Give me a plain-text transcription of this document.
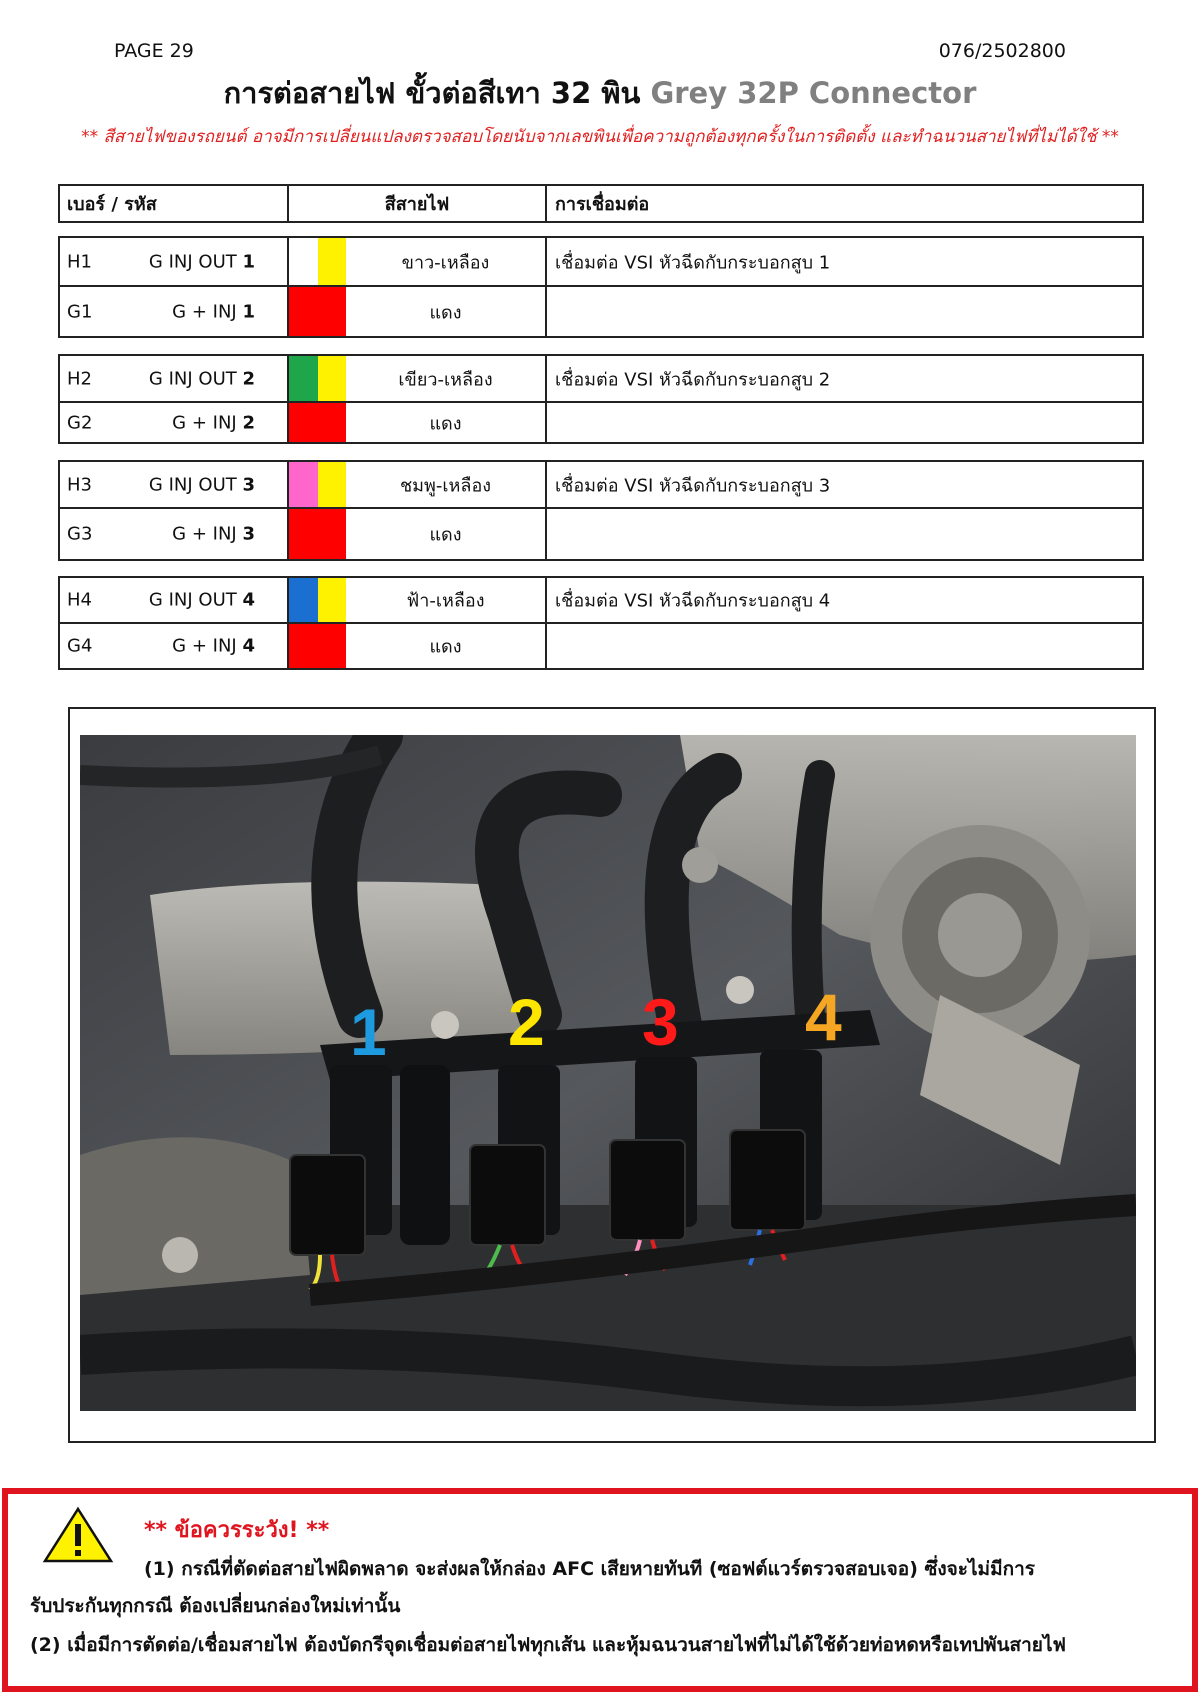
PAGE 29	076/2502800
การต่อสายไฟ ขั้วต่อสีเทา 32 พิน Grey 32P Connector
** สีสายไฟของรถยนต์ อาจมีการเปลี่ยนแปลงตรวจสอบโดยนับจากเลขพินเพื่อความถูกต้องทุกครั้งในการติดตั้ง และทำฉนวนสายไฟที่ไม่ได้ใช้ **
เบอร์ / รหัส	สีสายไฟ	การเชื่อมต่อ
H1	G INJ OUT 1	ขาว-เหลือง	เชื่อมต่อ VSI หัวฉีดกับกระบอกสูบ 1
G1	G + INJ 1	แดง
H2	G INJ OUT 2	เขียว-เหลือง	เชื่อมต่อ VSI หัวฉีดกับกระบอกสูบ 2
G2	G + INJ 2	แดง
H3	G INJ OUT 3	ชมพู-เหลือง	เชื่อมต่อ VSI หัวฉีดกับกระบอกสูบ 3
G3	G + INJ 3	แดง
H4	G INJ OUT 4	ฟ้า-เหลือง	เชื่อมต่อ VSI หัวฉีดกับกระบอกสูบ 4
G4	G + INJ 4	แดง
1 2 3 4
** ข้อควรระวัง! **
(1) กรณีที่ตัดต่อสายไฟผิดพลาด จะส่งผลให้กล่อง AFC เสียหายทันที (ซอฟต์แวร์ตรวจสอบเจอ) ซึ่งจะไม่มีการ
รับประกันทุกกรณี ต้องเปลี่ยนกล่องใหม่เท่านั้น
(2) เมื่อมีการตัดต่อ/เชื่อมสายไฟ ต้องบัดกรีจุดเชื่อมต่อสายไฟทุกเส้น และหุ้มฉนวนสายไฟที่ไม่ได้ใช้ด้วยท่อหดหรือเทปพันสายไฟ
